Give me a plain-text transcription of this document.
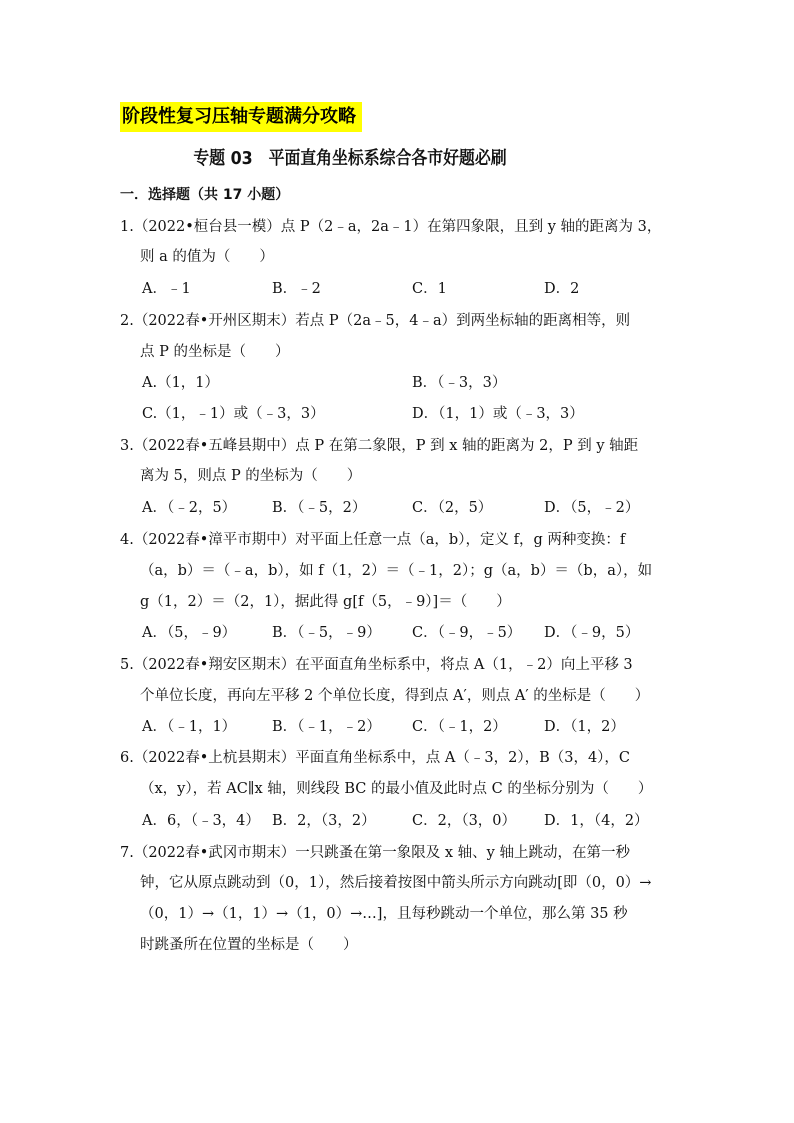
阶段性复习压轴专题满分攻略
专题 03　平面直角坐标系综合各市好题必刷
一．选择题（共 17 小题）
1.（2022•桓台县一模）点 P（2﹣a，2a﹣1）在第四象限，且到 y 轴的距离为 3，
则 a 的值为（　　）
A．﹣1	B．﹣2	C．1	D．2
2.（2022春•开州区期末）若点 P（2a﹣5，4﹣a）到两坐标轴的距离相等，则
点 P 的坐标是（　　）
A.（1，1）	B．（﹣3，3）
C.（1，﹣1）或（﹣3，3）	D．（1，1）或（﹣3，3）
3.（2022春•五峰县期中）点 P 在第二象限，P 到 x 轴的距离为 2，P 到 y 轴距
离为 5，则点 P 的坐标为（　　）
A．（﹣2，5） B．（﹣5，2）	C．（2，5）	D．（5，﹣2）
4.（2022春•漳平市期中）对平面上任意一点（a，b），定义 f，g 两种变换：f
（a，b）＝（﹣a，b），如 f（1，2）＝（﹣1，2）；g（a，b）＝（b，a），如
g（1，2）＝（2，1），据此得 g[f（5，﹣9）]＝（　　）
A．（5，﹣9） B．（﹣5，﹣9） C．（﹣9，﹣5） D．（﹣9，5）
5.（2022春•翔安区期末）在平面直角坐标系中，将点 A（1，﹣2）向上平移 3
个单位长度，再向左平移 2 个单位长度，得到点 A′，则点 A′ 的坐标是（　　）
A．（﹣1，1） B．（﹣1，﹣2） C．（﹣1，2）	D．（1，2）
6.（2022春•上杭县期末）平面直角坐标系中，点 A（﹣3，2），B（3，4），C
（x，y），若 AC∥x 轴，则线段 BC 的最小值及此时点 C 的坐标分别为（　　）
A．6，（﹣3，4） B．2，（3，2）	C．2，（3，0） D．1，（4，2）
7.（2022春•武冈市期末）一只跳蚤在第一象限及 x 轴、y 轴上跳动，在第一秒
钟，它从原点跳动到（0，1），然后接着按图中箭头所示方向跳动[即（0，0）→
（0，1）→（1，1）→（1，0）→…]，且每秒跳动一个单位，那么第 35 秒
时跳蚤所在位置的坐标是（　　）
